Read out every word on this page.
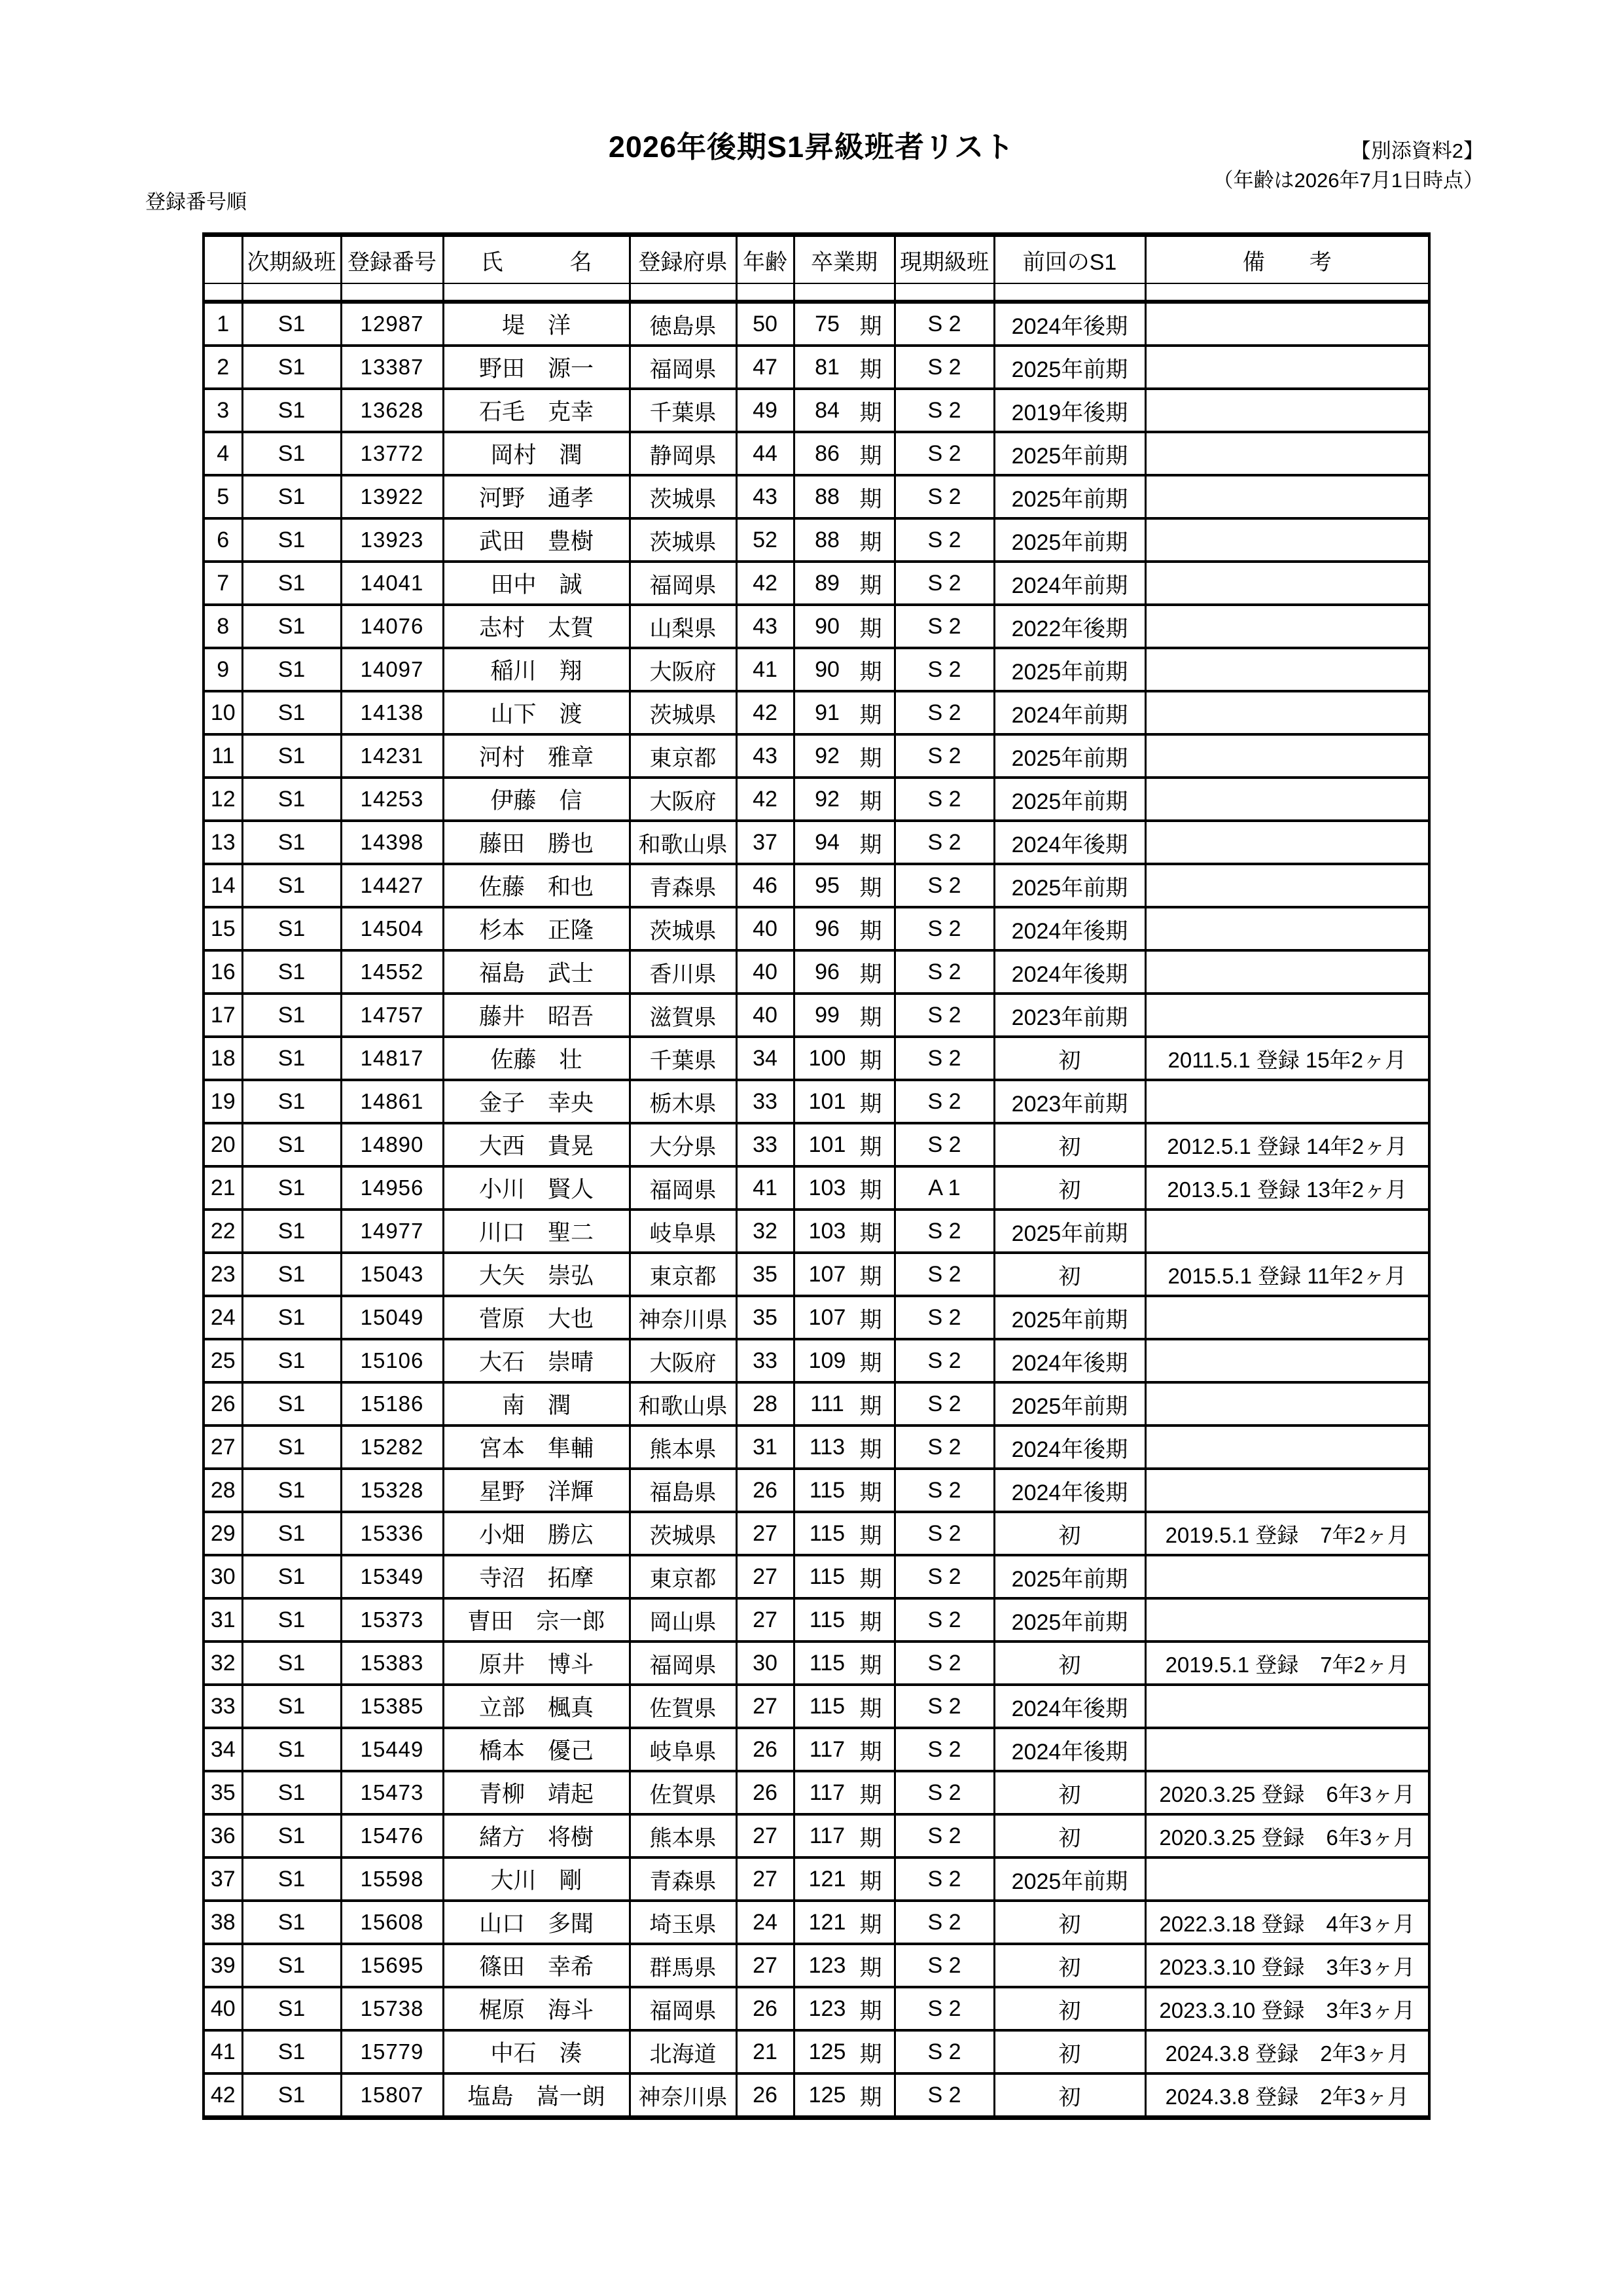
2026年後期S1昇級班者リスト	【別添資料2】
（年齢は2026年7月1日時点）
登録番号順
	次期級班	登録番号	氏　　　名	登録府県	年齢	卒業期	現期級班	前回のS1	備　　考

1	S1	12987	堤　洋	徳島県	50	75 期	S 2	2024年後期	
2	S1	13387	野田　源一	福岡県	47	81 期	S 2	2025年前期	
3	S1	13628	石毛　克幸	千葉県	49	84 期	S 2	2019年後期	
4	S1	13772	岡村　潤	静岡県	44	86 期	S 2	2025年前期	
5	S1	13922	河野　通孝	茨城県	43	88 期	S 2	2025年前期	
6	S1	13923	武田　豊樹	茨城県	52	88 期	S 2	2025年前期	
7	S1	14041	田中　誠	福岡県	42	89 期	S 2	2024年前期	
8	S1	14076	志村　太賀	山梨県	43	90 期	S 2	2022年後期	
9	S1	14097	稲川　翔	大阪府	41	90 期	S 2	2025年前期	
10	S1	14138	山下　渡	茨城県	42	91 期	S 2	2024年前期	
11	S1	14231	河村　雅章	東京都	43	92 期	S 2	2025年前期	
12	S1	14253	伊藤　信	大阪府	42	92 期	S 2	2025年前期	
13	S1	14398	藤田　勝也	和歌山県	37	94 期	S 2	2024年後期	
14	S1	14427	佐藤　和也	青森県	46	95 期	S 2	2025年前期	
15	S1	14504	杉本　正隆	茨城県	40	96 期	S 2	2024年後期	
16	S1	14552	福島　武士	香川県	40	96 期	S 2	2024年後期	
17	S1	14757	藤井　昭吾	滋賀県	40	99 期	S 2	2023年前期	
18	S1	14817	佐藤　壮	千葉県	34	100 期	S 2	初	2011.5.1 登録 15年2ヶ月
19	S1	14861	金子　幸央	栃木県	33	101 期	S 2	2023年前期	
20	S1	14890	大西　貴晃	大分県	33	101 期	S 2	初	2012.5.1 登録 14年2ヶ月
21	S1	14956	小川　賢人	福岡県	41	103 期	A 1	初	2013.5.1 登録 13年2ヶ月
22	S1	14977	川口　聖二	岐阜県	32	103 期	S 2	2025年前期	
23	S1	15043	大矢　崇弘	東京都	35	107 期	S 2	初	2015.5.1 登録 11年2ヶ月
24	S1	15049	菅原　大也	神奈川県	35	107 期	S 2	2025年前期	
25	S1	15106	大石　崇晴	大阪府	33	109 期	S 2	2024年後期	
26	S1	15186	南　潤	和歌山県	28	111 期	S 2	2025年前期	
27	S1	15282	宮本　隼輔	熊本県	31	113 期	S 2	2024年後期	
28	S1	15328	星野　洋輝	福島県	26	115 期	S 2	2024年後期	
29	S1	15336	小畑　勝広	茨城県	27	115 期	S 2	初	2019.5.1 登録　7年2ヶ月
30	S1	15349	寺沼　拓摩	東京都	27	115 期	S 2	2025年前期	
31	S1	15373	曺田　宗一郎	岡山県	27	115 期	S 2	2025年前期	
32	S1	15383	原井　博斗	福岡県	30	115 期	S 2	初	2019.5.1 登録　7年2ヶ月
33	S1	15385	立部　楓真	佐賀県	27	115 期	S 2	2024年後期	
34	S1	15449	橋本　優己	岐阜県	26	117 期	S 2	2024年後期	
35	S1	15473	青柳　靖起	佐賀県	26	117 期	S 2	初	2020.3.25 登録　6年3ヶ月
36	S1	15476	緒方　将樹	熊本県	27	117 期	S 2	初	2020.3.25 登録　6年3ヶ月
37	S1	15598	大川　剛	青森県	27	121 期	S 2	2025年前期	
38	S1	15608	山口　多聞	埼玉県	24	121 期	S 2	初	2022.3.18 登録　4年3ヶ月
39	S1	15695	篠田　幸希	群馬県	27	123 期	S 2	初	2023.3.10 登録　3年3ヶ月
40	S1	15738	梶原　海斗	福岡県	26	123 期	S 2	初	2023.3.10 登録　3年3ヶ月
41	S1	15779	中石　湊	北海道	21	125 期	S 2	初	2024.3.8 登録　2年3ヶ月
42	S1	15807	塩島　嵩一朗	神奈川県	26	125 期	S 2	初	2024.3.8 登録　2年3ヶ月
